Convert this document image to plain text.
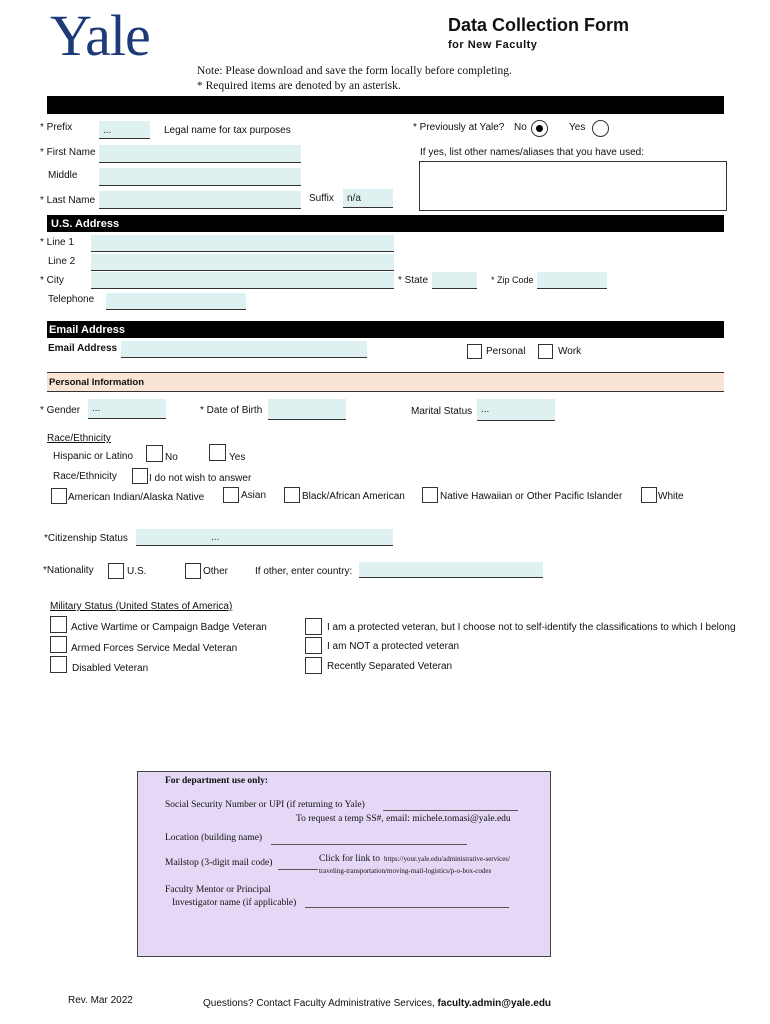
Yale	Data Collection Form
for New Faculty
Note: Please download and save the form locally before completing.
* Required items are denoted by an asterisk.
* Prefix	...	Legal name for tax purposes	* Previously at Yale? No	Yes
* First Name	If yes, list other names/aliases that you have used:
Middle
* Last Name	Suffix n/a
U.S. Address
* Line 1
Line 2
* City	* State	* Zip Code
Telephone
Email Address
Email Address	Personal	Work
Personal Information
* Gender ...	* Date of Birth	Marital Status ...
Race/Ethnicity
Hispanic or Latino	No	Yes
Race/Ethnicity	I do not wish to answer
American Indian/Alaska Native	Asian	Black/African American	Native Hawaiian or Other Pacific Islander	White
*Citizenship Status	...
*Nationality	U.S.	Other	If other, enter country:
Military Status (United States of America)
Active Wartime or Campaign Badge Veteran
Armed Forces Service Medal Veteran
Disabled Veteran
I am a protected veteran, but I choose not to self-identify the classifications to which I belong
I am NOT a protected veteran
Recently Separated Veteran
For department use only:
Social Security Number or UPI (if returning to Yale)
To request a temp SS#, email: michele.tomasi@yale.edu
Location (building name)
Mailstop (3-digit mail code)	Click for link to https://your.yale.edu/administrative-services/
traveling-transportation/moving-mail-logistics/p-o-box-codes
Faculty Mentor or Principal
Investigator name (if applicable)
Rev. Mar 2022	Questions? Contact Faculty Administrative Services, faculty.admin@yale.edu
